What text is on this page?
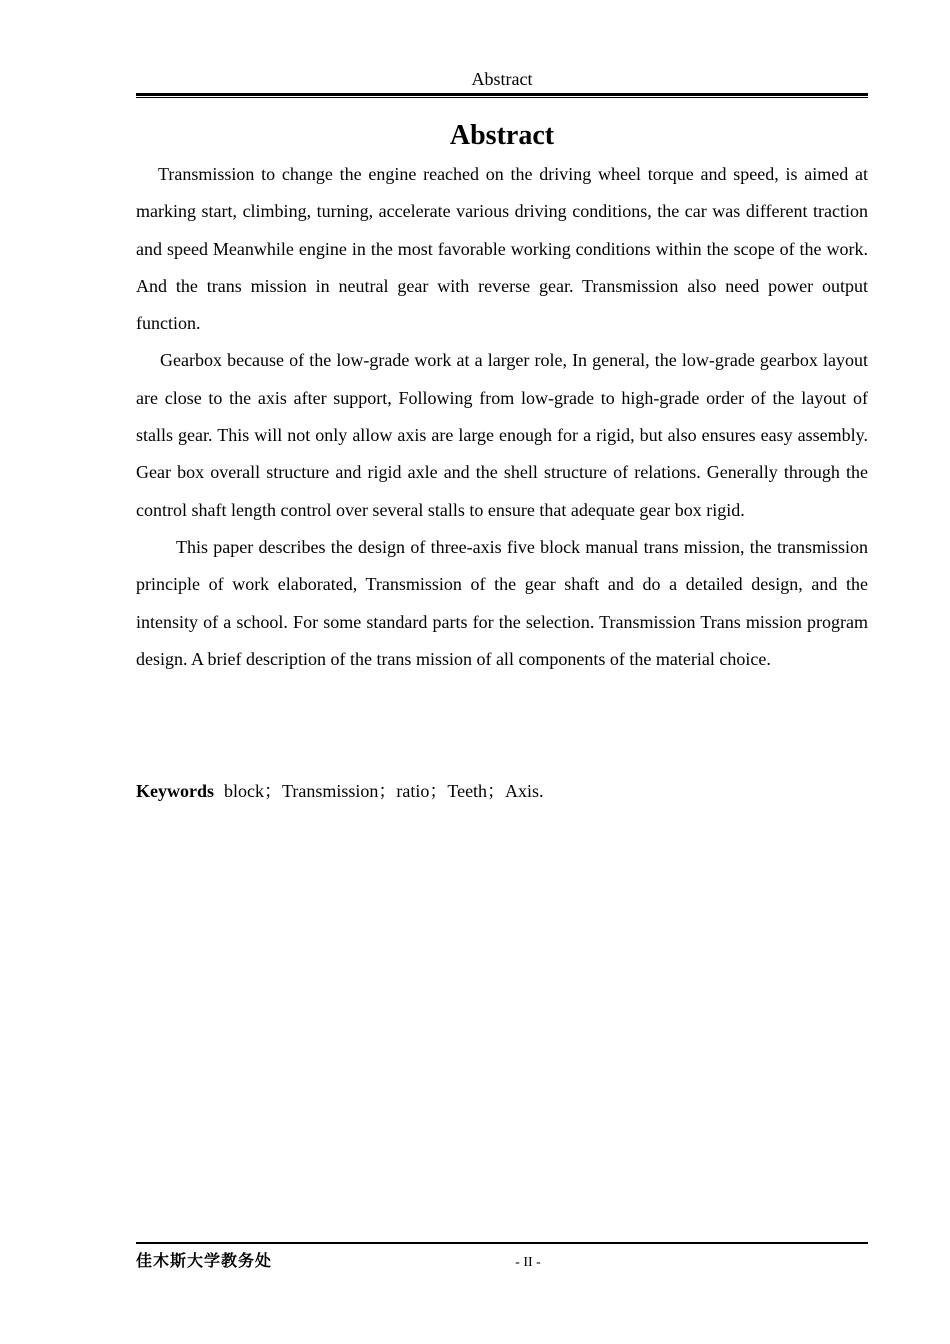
Abstract
Abstract

Transmission to change the engine reached on the driving wheel torque and speed, is aimed at marking start, climbing, turning, accelerate various driving conditions, the car was different traction and speed Meanwhile engine in the most favorable working conditions within the scope of the work. And the trans mission in neutral gear with reverse gear. Transmission also need power output function.

Gearbox because of the low-grade work at a larger role, In general, the low-grade gearbox layout are close to the axis after support, Following from low-grade to high-grade order of the layout of stalls gear. This will not only allow axis are large enough for a rigid, but also ensures easy assembly. Gear box overall structure and rigid axle and the shell structure of relations. Generally through the control shaft length control over several stalls to ensure that adequate gear box rigid.

This paper describes the design of three-axis five block manual trans mission, the transmission principle of work elaborated, Transmission of the gear shaft and do a detailed design, and the intensity of a school. For some standard parts for the selection. Transmission Trans mission program design. A brief description of the trans mission of all components of the material choice.

Keywords block；Transmission；ratio；Teeth；Axis.

佳木斯大学教务处	- II -
